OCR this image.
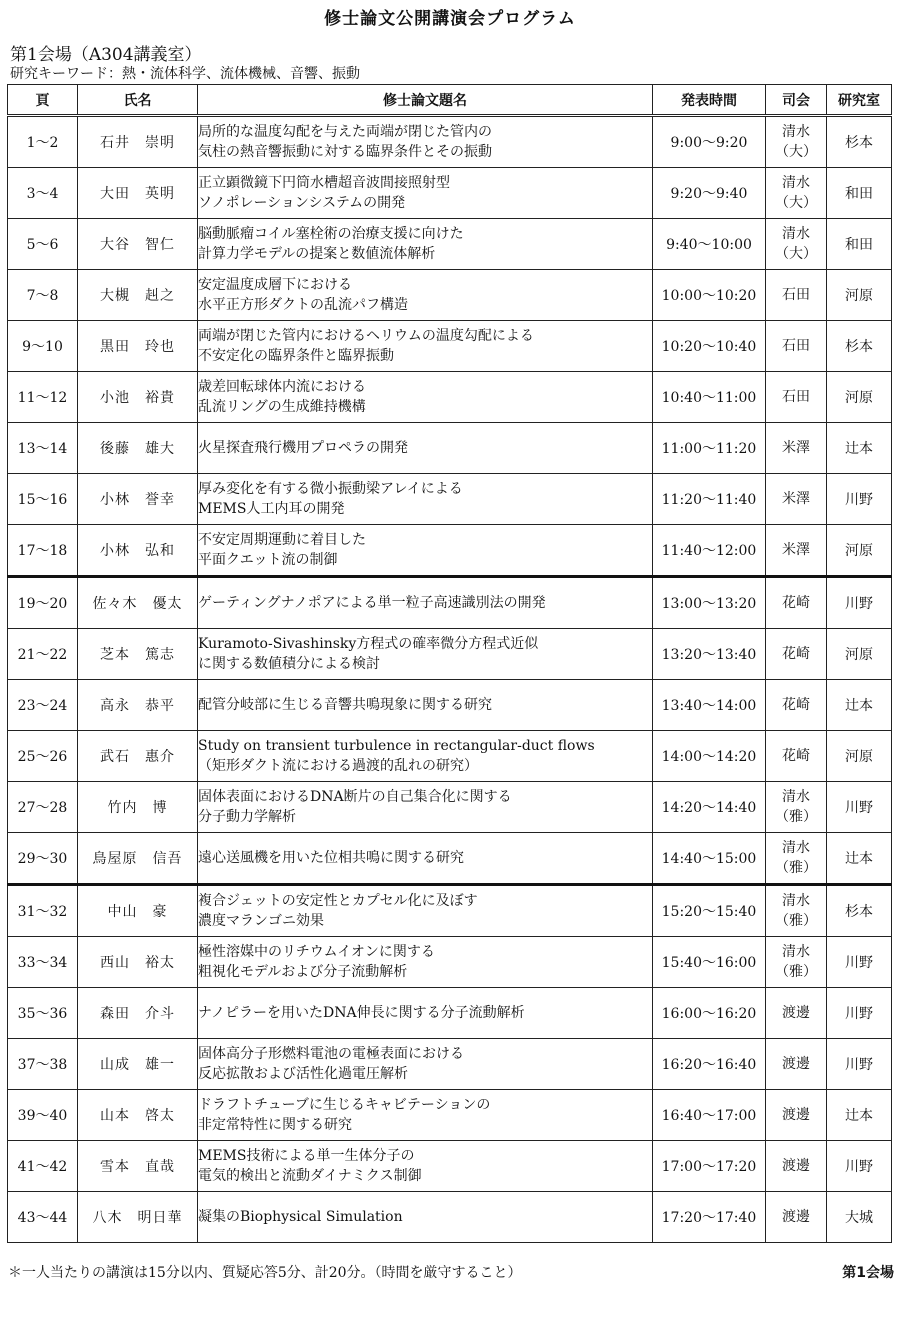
修士論文公開講演会プログラム
第1会場（A304講義室）
研究キーワード：熱・流体科学、流体機械、音響、振動
頁	氏名	修士論文題名	発表時間	司会	研究室
1～2	石井　崇明	局所的な温度勾配を与えた両端が閉じた管内の
気柱の熱音響振動に対する臨界条件とその振動	9:00～9:20	清水
（大）	杉本
3～4	大田　英明	正立顕微鏡下円筒水槽超音波間接照射型
ソノポレーションシステムの開発	9:20～9:40	清水
（大）	和田
5～6	大谷　智仁	脳動脈瘤コイル塞栓術の治療支援に向けた
計算力学モデルの提案と数値流体解析	9:40～10:00	清水
（大）	和田
7～8	大槻　赳之	安定温度成層下における
水平正方形ダクトの乱流パフ構造	10:00～10:20	石田	河原
9～10	黒田　玲也	両端が閉じた管内におけるヘリウムの温度勾配による
不安定化の臨界条件と臨界振動	10:20～10:40	石田	杉本
11～12	小池　裕貴	歳差回転球体内流における
乱流リングの生成維持機構	10:40～11:00	石田	河原
13～14	後藤　雄大	火星探査飛行機用プロペラの開発	11:00～11:20	米澤	辻本
15～16	小林　誉幸	厚み変化を有する微小振動梁アレイによる
MEMS人工内耳の開発	11:20～11:40	米澤	川野
17～18	小林　弘和	不安定周期運動に着目した
平面クエット流の制御	11:40～12:00	米澤	河原
19～20	佐々木　優太	ゲーティングナノポアによる単一粒子高速識別法の開発	13:00～13:20	花崎	川野
21～22	芝本　篤志	Kuramoto-Sivashinsky方程式の確率微分方程式近似
に関する数値積分による検討	13:20～13:40	花崎	河原
23～24	高永　恭平	配管分岐部に生じる音響共鳴現象に関する研究	13:40～14:00	花崎	辻本
25～26	武石　惠介	Study on transient turbulence in rectangular-duct flows
（矩形ダクト流における過渡的乱れの研究）	14:00～14:20	花崎	河原
27～28	竹内　博	固体表面におけるDNA断片の自己集合化に関する
分子動力学解析	14:20～14:40	清水
（雅）	川野
29～30	鳥屋原　信吾	遠心送風機を用いた位相共鳴に関する研究	14:40～15:00	清水
（雅）	辻本
31～32	中山　豪	複合ジェットの安定性とカプセル化に及ぼす
濃度マランゴニ効果	15:20～15:40	清水
（雅）	杉本
33～34	西山　裕太	極性溶媒中のリチウムイオンに関する
粗視化モデルおよび分子流動解析	15:40～16:00	清水
（雅）	川野
35～36	森田　介斗	ナノピラーを用いたDNA伸長に関する分子流動解析	16:00～16:20	渡邊	川野
37～38	山成　雄一	固体高分子形燃料電池の電極表面における
反応拡散および活性化過電圧解析	16:20～16:40	渡邊	川野
39～40	山本　啓太	ドラフトチューブに生じるキャビテーションの
非定常特性に関する研究	16:40～17:00	渡邊	辻本
41～42	雪本　直哉	MEMS技術による単一生体分子の
電気的検出と流動ダイナミクス制御	17:00～17:20	渡邊	川野
43～44	八木　明日華	凝集のBiophysical Simulation	17:20～17:40	渡邊	大城
＊一人当たりの講演は15分以内、質疑応答5分、計20分。（時間を厳守すること）	第1会場
